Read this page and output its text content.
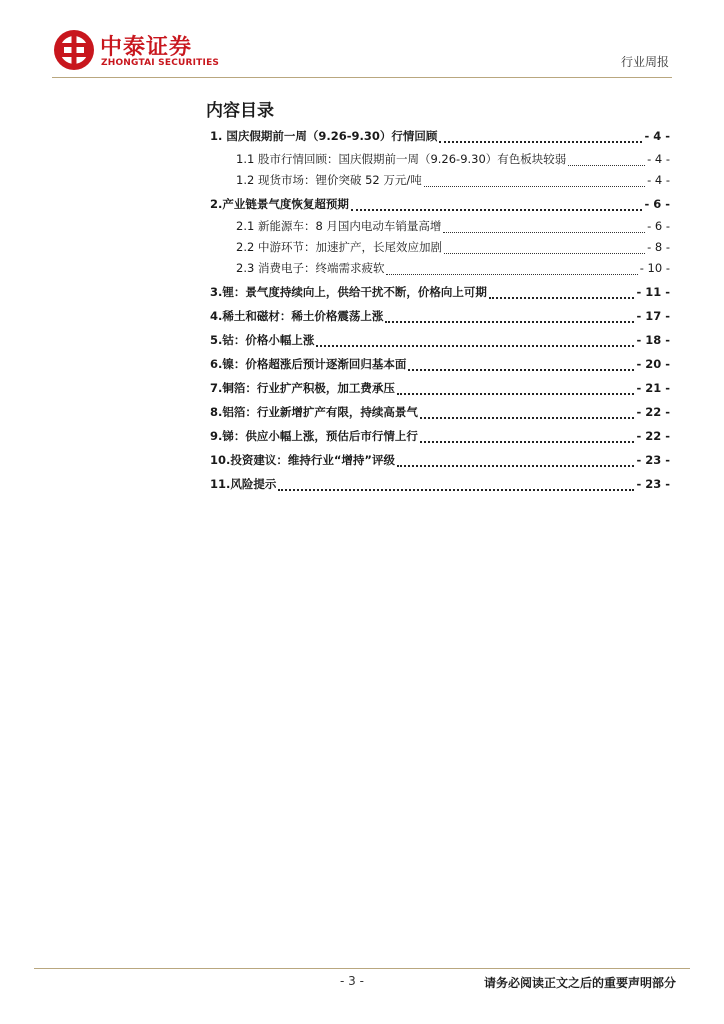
中泰证券
ZHONGTAI SECURITIES	行业周报
内容目录
1. 国庆假期前一周（9.26-9.30）行情回顾	- 4 -
1.1 股市行情回顾：国庆假期前一周（9.26-9.30）有色板块较弱	- 4 -
1.2 现货市场：锂价突破 52 万元/吨	- 4 -
2.产业链景气度恢复超预期	- 6 -
2.1 新能源车：8 月国内电动车销量高增	- 6 -
2.2 中游环节：加速扩产，长尾效应加剧	- 8 -
2.3 消费电子：终端需求疲软	- 10 -
3.锂：景气度持续向上，供给干扰不断，价格向上可期	- 11 -
4.稀土和磁材：稀土价格震荡上涨	- 17 -
5.钴：价格小幅上涨	- 18 -
6.镍：价格超涨后预计逐渐回归基本面	- 20 -
7.铜箔：行业扩产积极，加工费承压	- 21 -
8.铝箔：行业新增扩产有限，持续高景气	- 22 -
9.锑：供应小幅上涨，预估后市行情上行	- 22 -
10.投资建议：维持行业“增持”评级	- 23 -
11.风险提示	- 23 -
- 3 -	请务必阅读正文之后的重要声明部分
